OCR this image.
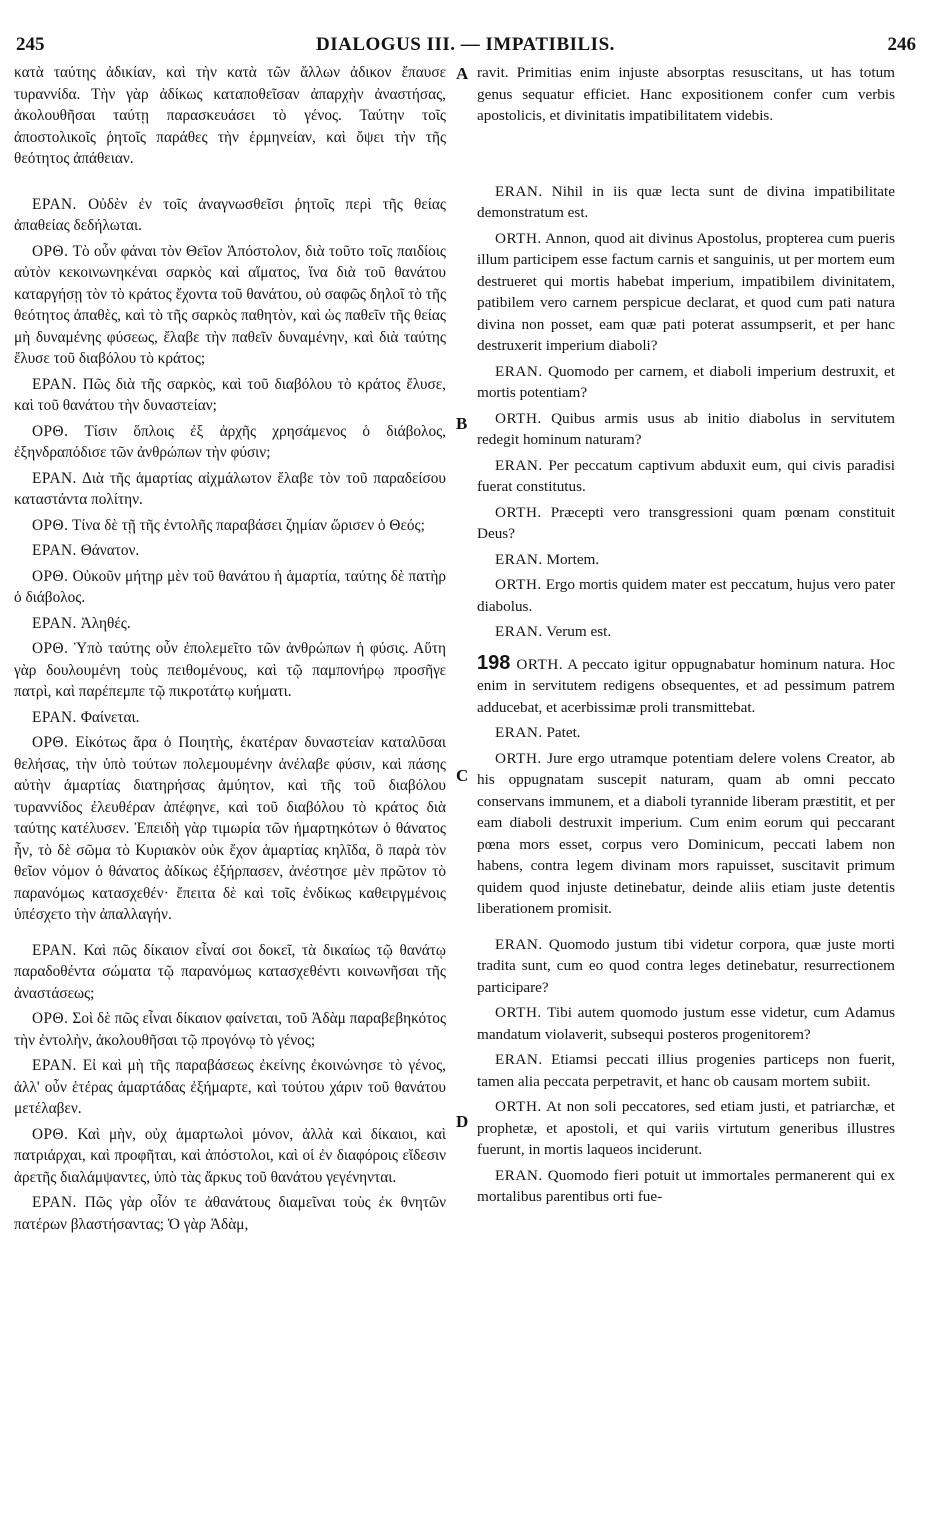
245	DIALOGUS III. — IMPATIBILIS.	246
A
B
C
D

κατὰ ταύτης ἀδικίαν, καὶ τὴν κατὰ τῶν ἄλλων ἀδικον ἔπαυσε τυραννίδα. Τὴν γὰρ ἀδίκως καταποθεῖσαν ἀπαρχὴν ἀναστήσας, ἀκολουθῆσαι ταύτῃ παρασκευάσει τὸ γένος. Ταύτην τοῖς ἀποστολικοῖς ῥητοῖς παράθες τὴν ἑρμηνείαν, καὶ ὄψει τὴν τῆς θεότητος ἀπάθειαν.

ΕΡΑΝ. Οὐδὲν ἐν τοῖς ἀναγνωσθεῖσι ῥητοῖς περὶ τῆς θείας ἀπαθείας δεδήλωται.

ΟΡΘ. Τὸ οὖν φάναι τὸν Θεῖον Ἀπόστολον, διὰ τοῦτο τοῖς παιδίοις αὐτὸν κεκοινωνηκέναι σαρκὸς καὶ αἵματος, ἵνα διὰ τοῦ θανάτου καταργήσῃ τὸν τὸ κράτος ἔχοντα τοῦ θανάτου, οὐ σαφῶς δηλοῖ τὸ τῆς θεότητος ἀπαθὲς, καὶ τὸ τῆς σαρκὸς παθητὸν, καὶ ὡς παθεῖν τῆς θείας μὴ δυναμένης φύσεως, ἔλαβε τὴν παθεῖν δυναμένην, καὶ διὰ ταύτης ἔλυσε τοῦ διαβόλου τὸ κράτος;

ΕΡΑΝ. Πῶς διὰ τῆς σαρκὸς, καὶ τοῦ διαβόλου τὸ κράτος ἔλυσε, καὶ τοῦ θανάτου τὴν δυναστείαν;

ΟΡΘ. Τίσιν ὅπλοις ἐξ ἀρχῆς χρησάμενος ὁ διάβολος, ἐξηνδραπόδισε τῶν ἀνθρώπων τὴν φύσιν;

ΕΡΑΝ. Διὰ τῆς ἁμαρτίας αἰχμάλωτον ἔλαβε τὸν τοῦ παραδείσου καταστάντα πολίτην.

ΟΡΘ. Τίνα δὲ τῇ τῆς ἐντολῆς παραβάσει ζημίαν ὥρισεν ὁ Θεός;

ΕΡΑΝ. Θάνατον.

ΟΡΘ. Οὐκοῦν μήτηρ μὲν τοῦ θανάτου ἡ ἁμαρτία, ταύτης δὲ πατὴρ ὁ διάβολος.

ΕΡΑΝ. Ἀληθές.

ΟΡΘ. Ὑπὸ ταύτης οὖν ἐπολεμεῖτο τῶν ἀνθρώπων ἡ φύσις. Αὕτη γὰρ δουλουμένη τοὺς πειθομένους, καὶ τῷ παμπονήρῳ προσῆγε πατρὶ, καὶ παρέπεμπε τῷ πικροτάτῳ κυήματι.

ΕΡΑΝ. Φαίνεται.

ΟΡΘ. Εἰκότως ἄρα ὁ Ποιητὴς, ἑκατέραν δυναστείαν καταλῦσαι θελήσας, τὴν ὑπὸ τούτων πολεμουμένην ἀνέλαβε φύσιν, καὶ πάσης αὐτὴν ἁμαρτίας διατηρήσας ἀμύητον, καὶ τῆς τοῦ διαβόλου τυραννίδος ἐλευθέραν ἀπέφηνε, καὶ τοῦ διαβόλου τὸ κράτος διὰ ταύτης κατέλυσεν. Ἐπειδὴ γὰρ τιμωρία τῶν ἡμαρτηκότων ὁ θάνατος ἦν, τὸ δὲ σῶμα τὸ Κυριακὸν οὐκ ἔχον ἁμαρτίας κηλῖδα, ὃ παρὰ τὸν θεῖον νόμον ὁ θάνατος ἀδίκως ἐξήρπασεν, ἀνέστησε μὲν πρῶτον τὸ παρανόμως κατασχεθέν· ἔπειτα δὲ καὶ τοῖς ἐνδίκως καθειργμένοις ὑπέσχετο τὴν ἀπαλλαγήν.

ΕΡΑΝ. Καὶ πῶς δίκαιον εἶναί σοι δοκεῖ, τὰ δικαίως τῷ θανάτῳ παραδοθέντα σώματα τῷ παρανόμως κατασχεθέντι κοινωνῆσαι τῆς ἀναστάσεως;

ΟΡΘ. Σοὶ δὲ πῶς εἶναι δίκαιον φαίνεται, τοῦ Ἀδὰμ παραβεβηκότος τὴν ἐντολὴν, ἀκολουθῆσαι τῷ προγόνῳ τὸ γένος;

ΕΡΑΝ. Εἰ καὶ μὴ τῆς παραβάσεως ἐκείνης ἐκοινώνησε τὸ γένος, ἀλλ' οὖν ἑτέρας ἁμαρτάδας ἐξήμαρτε, καὶ τούτου χάριν τοῦ θανάτου μετέλαβεν.

ΟΡΘ. Καὶ μὴν, οὐχ ἁμαρτωλοὶ μόνον, ἀλλὰ καὶ δίκαιοι, καὶ πατριάρχαι, καὶ προφῆται, καὶ ἀπόστολοι, καὶ οἱ ἐν διαφόροις εἴδεσιν ἀρετῆς διαλάμψαντες, ὑπὸ τὰς ἄρκυς τοῦ θανάτου γεγένηνται.

ΕΡΑΝ. Πῶς γὰρ οἷόν τε ἀθανάτους διαμεῖναι τοὺς ἐκ θνητῶν πατέρων βλαστήσαντας; Ὁ γὰρ Ἀδὰμ,

ravit. Primitias enim injuste absorptas resuscitans, ut has totum genus sequatur efficiet. Hanc expositionem confer cum verbis apostolicis, et divinitatis impatibilitatem videbis.

ERAN. Nihil in iis quæ lecta sunt de divina impatibilitate demonstratum est.

ORTH. Annon, quod ait divinus Apostolus, propterea cum pueris illum participem esse factum carnis et sanguinis, ut per mortem eum destrueret qui mortis habebat imperium, impatibilem divinitatem, patibilem vero carnem perspicue declarat, et quod cum pati natura divina non posset, eam quæ pati poterat assumpserit, et per hanc destruxerit imperium diaboli?

ERAN. Quomodo per carnem, et diaboli imperium destruxit, et mortis potentiam?

ORTH. Quibus armis usus ab initio diabolus in servitutem redegit hominum naturam?

ERAN. Per peccatum captivum abduxit eum, qui civis paradisi fuerat constitutus.

ORTH. Præcepti vero transgressioni quam pœnam constituit Deus?

ERAN. Mortem.

ORTH. Ergo mortis quidem mater est peccatum, hujus vero pater diabolus.

ERAN. Verum est.

198 ORTH. A peccato igitur oppugnabatur hominum natura. Hoc enim in servitutem redigens obsequentes, et ad pessimum patrem adducebat, et acerbissimæ proli transmittebat.

ERAN. Patet.

ORTH. Jure ergo utramque potentiam delere volens Creator, ab his oppugnatam suscepit naturam, quam ab omni peccato conservans immunem, et a diaboli tyrannide liberam præstitit, et per eam diaboli destruxit imperium. Cum enim eorum qui peccarant pœna mors esset, corpus vero Dominicum, peccati labem non habens, contra legem divinam mors rapuisset, suscitavit primum quidem quod injuste detinebatur, deinde aliis etiam juste detentis liberationem promisit.

ERAN. Quomodo justum tibi videtur corpora, quæ juste morti tradita sunt, cum eo quod contra leges detinebatur, resurrectionem participare?

ORTH. Tibi autem quomodo justum esse videtur, cum Adamus mandatum violaverit, subsequi posteros progenitorem?

ERAN. Etiamsi peccati illius progenies particeps non fuerit, tamen alia peccata perpetravit, et hanc ob causam mortem subiit.

ORTH. At non soli peccatores, sed etiam justi, et patriarchæ, et prophetæ, et apostoli, et qui variis virtutum generibus illustres fuerunt, in mortis laqueos inciderunt.

ERAN. Quomodo fieri potuit ut immortales permanerent qui ex mortalibus parentibus orti fue-
